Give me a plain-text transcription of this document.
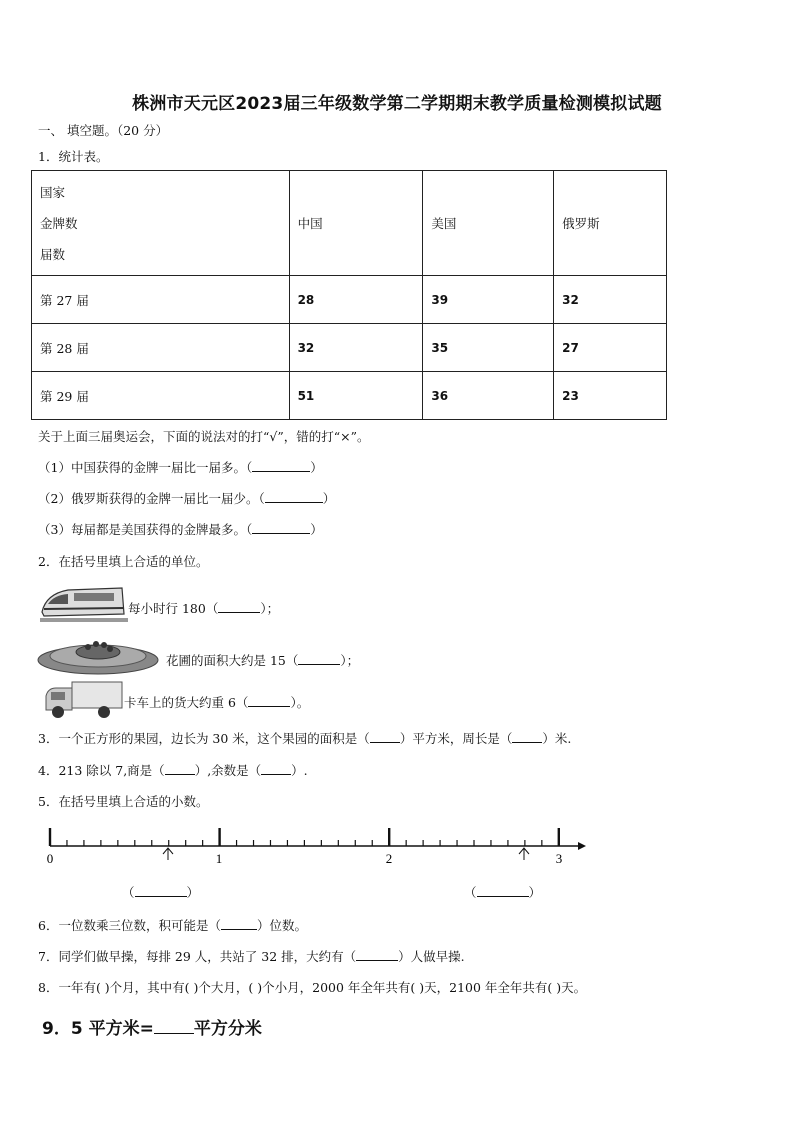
株洲市天元区2023届三年级数学第二学期期末教学质量检测模拟试题
一、 填空题。（20 分）
1．统计表。
国家
金牌数
届数	中国	美国	俄罗斯
第 27 届	28	39	32
第 28 届	32	35	27
第 29 届	51	36	23
关于上面三届奥运会，下面的说法对的打“√”，错的打“×”。
（1）中国获得的金牌一届比一届多。（	）
（2）俄罗斯获得的金牌一届比一届少。（	）
（3）每届都是美国获得的金牌最多。（	）
2．在括号里填上合适的单位。
每小时行 180（	）；
花圃的面积大约是 15（	）；
卡车上的货大约重 6（	）。
3．一个正方形的果园，边长为 30 米，这个果园的面积是（ ）平方米，周长是（ ）米.
4．213 除以 7,商是（ ）,余数是（ ）.
5．在括号里填上合适的小数。
0	1	2	3
（	）	（	）
6．一位数乘三位数，积可能是（	）位数。
7．同学们做早操，每排 29 人，共站了 32 排，大约有（	）人做早操.
8．一年有( )个月，其中有( )个大月，( )个小月，2000 年全年共有( )天，2100 年全年共有( )天。
9．5 平方米= 平方分米
